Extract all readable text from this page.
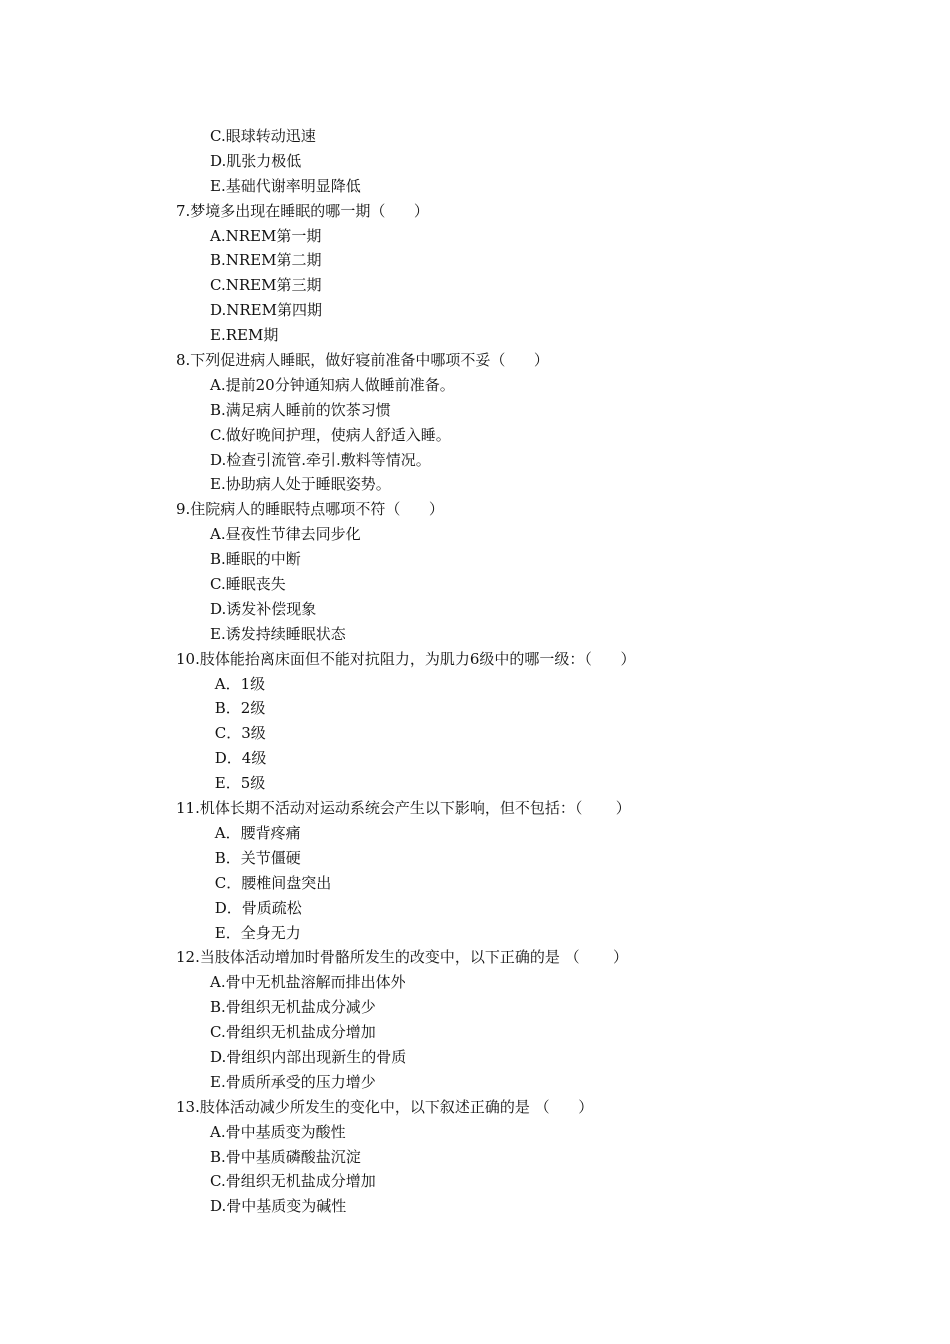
C.眼球转动迅速
D.肌张力极低
E.基础代谢率明显降低
7.梦境多出现在睡眠的哪一期（      ）
A.NREM第一期
B.NREM第二期
C.NREM第三期
D.NREM第四期
E.REM期
8.下列促进病人睡眠，做好寝前准备中哪项不妥（      ）
A.提前20分钟通知病人做睡前准备。
B.满足病人睡前的饮茶习惯
C.做好晚间护理，使病人舒适入睡。
D.检查引流管.牵引.敷料等情况。
E.协助病人处于睡眠姿势。
9.住院病人的睡眠特点哪项不符（      ）
A.昼夜性节律去同步化
B.睡眠的中断
C.睡眠丧失
D.诱发补偿现象
E.诱发持续睡眠状态
10.肢体能抬离床面但不能对抗阻力，为肌力6级中的哪一级：（      ）
A．1级
B．2级
C．3级
D．4级
E．5级
11.机体长期不活动对运动系统会产生以下影响，但不包括：（       ）
A．腰背疼痛
B．关节僵硬
C．腰椎间盘突出
D．骨质疏松
E．全身无力
12.当肢体活动增加时骨骼所发生的改变中，以下正确的是 （       ）
A.骨中无机盐溶解而排出体外
B.骨组织无机盐成分减少
C.骨组织无机盐成分增加
D.骨组织内部出现新生的骨质
E.骨质所承受的压力增少
13.肢体活动减少所发生的变化中，以下叙述正确的是 （      ）
A.骨中基质变为酸性
B.骨中基质磷酸盐沉淀
C.骨组织无机盐成分增加
D.骨中基质变为碱性
